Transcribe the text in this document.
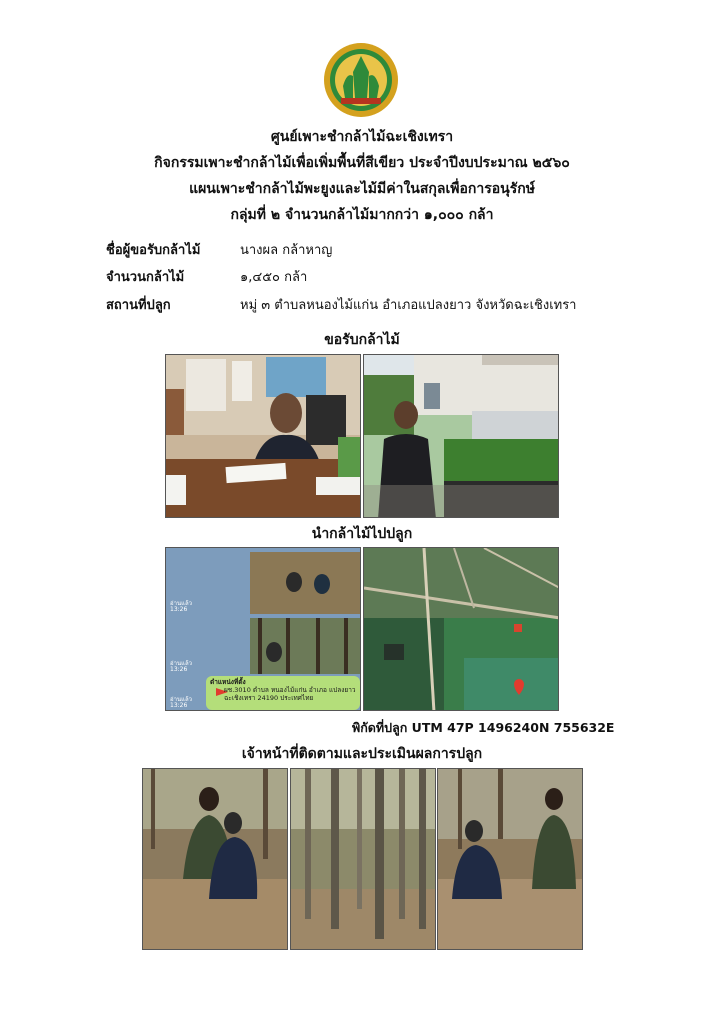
ศูนย์เพาะชำกล้าไม้ฉะเชิงเทรา
กิจกรรมเพาะชำกล้าไม้เพื่อเพิ่มพื้นที่สีเขียว ประจำปีงบประมาณ ๒๕๖๐
แผนเพาะชำกล้าไม้พะยูงและไม้มีค่าในสกุลเพื่อการอนุรักษ์
กลุ่มที่ ๒ จำนวนกล้าไม้มากกว่า ๑,๐๐๐ กล้า
ชื่อผู้ขอรับกล้าไม้	นางผล กล้าหาญ
จำนวนกล้าไม้	๑,๔๕๐ กล้า
สถานที่ปลูก	หมู่ ๓ ตำบลหนองไม้แก่น อำเภอแปลงยาว จังหวัดฉะเชิงเทรา
ขอรับกล้าไม้
นำกล้าไม้ไปปลูก
อ่านแล้ว
13:26
อ่านแล้ว
13:26
อ่านแล้ว
13:26
ตำแหน่งที่ตั้ง
ผช.3010 ตำบล หนองไม้แก่น อำเภอ แปลงยาว ฉะเชิงเทรา 24190 ประเทศไทย
พิกัดที่ปลูก UTM 47P 1496240N 755632E
เจ้าหน้าที่ติดตามและประเมินผลการปลูก
